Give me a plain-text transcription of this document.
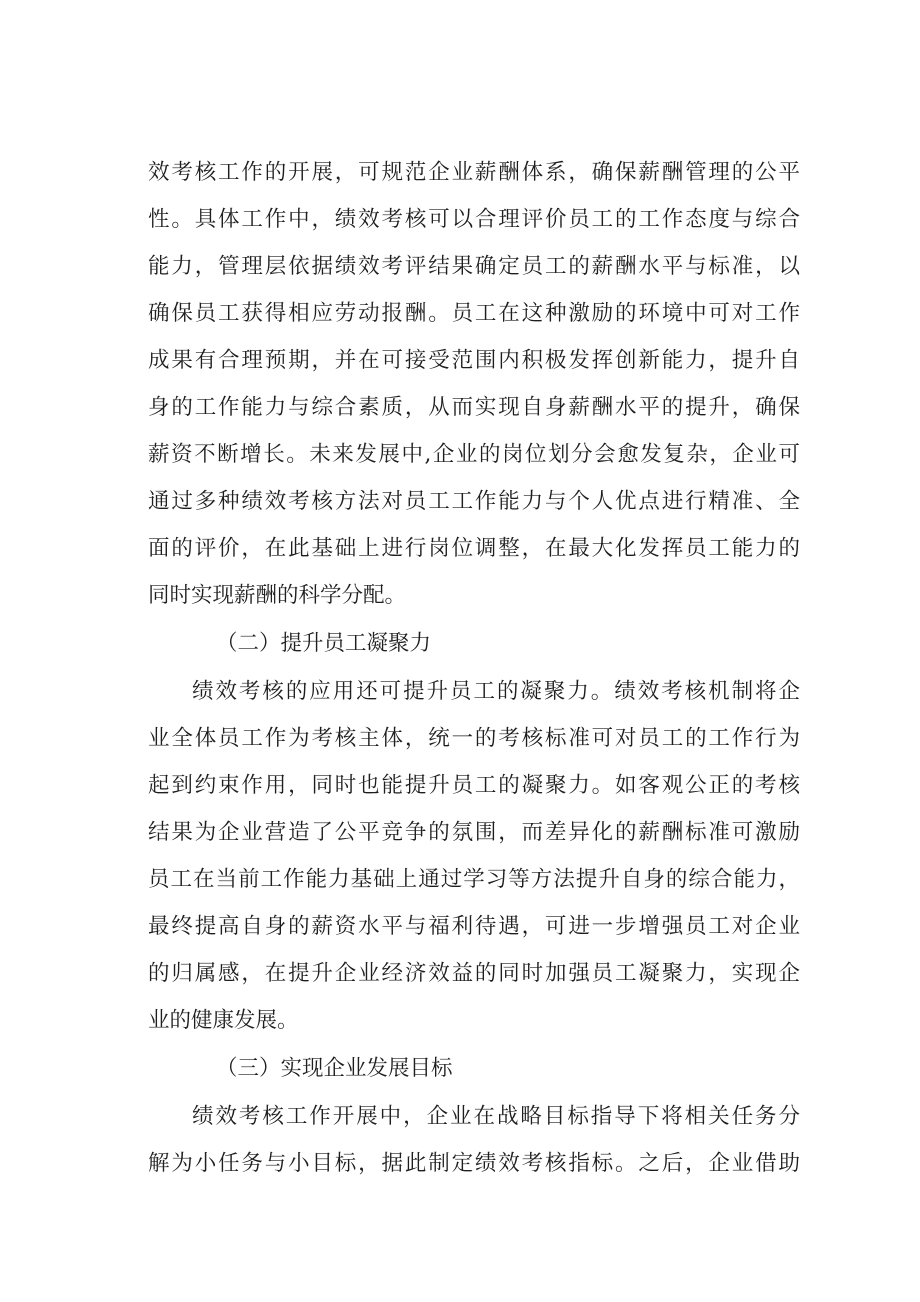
效考核工作的开展，可规范企业薪酬体系，确保薪酬管理的公平
性。具体工作中，绩效考核可以合理评价员工的工作态度与综合
能力，管理层依据绩效考评结果确定员工的薪酬水平与标准，以
确保员工获得相应劳动报酬。员工在这种激励的环境中可对工作
成果有合理预期，并在可接受范围内积极发挥创新能力，提升自
身的工作能力与综合素质，从而实现自身薪酬水平的提升，确保
薪资不断增长。未来发展中,企业的岗位划分会愈发复杂，企业可
通过多种绩效考核方法对员工工作能力与个人优点进行精准、全
面的评价，在此基础上进行岗位调整，在最大化发挥员工能力的
同时实现薪酬的科学分配。
（二）提升员工凝聚力
绩效考核的应用还可提升员工的凝聚力。绩效考核机制将企
业全体员工作为考核主体，统一的考核标准可对员工的工作行为
起到约束作用，同时也能提升员工的凝聚力。如客观公正的考核
结果为企业营造了公平竞争的氛围，而差异化的薪酬标准可激励
员工在当前工作能力基础上通过学习等方法提升自身的综合能力，
最终提高自身的薪资水平与福利待遇，可进一步增强员工对企业
的归属感，在提升企业经济效益的同时加强员工凝聚力，实现企
业的健康发展。
（三）实现企业发展目标
绩效考核工作开展中，企业在战略目标指导下将相关任务分
解为小任务与小目标，据此制定绩效考核指标。之后，企业借助
